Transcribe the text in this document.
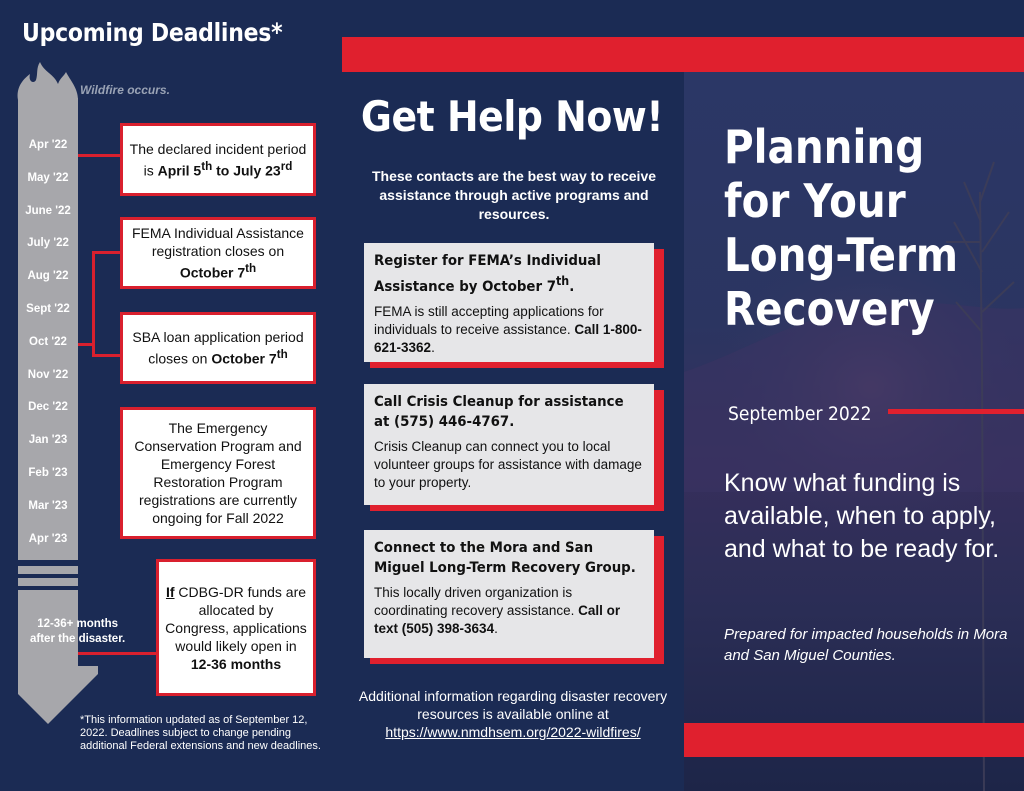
Upcoming Deadlines*
Wildfire occurs.
Apr '22
May '22
June '22
July '22
Aug '22
Sept '22
Oct '22
Nov '22
Dec '22
Jan '23
Feb '23
Mar '23
Apr '23
12-36+ months
after the disaster.
The declared incident period is April 5th to July 23rd
FEMA Individual Assistance registration closes on October 7th
SBA loan application period closes on October 7th
The Emergency Conservation Program and Emergency Forest Restoration Program registrations are currently ongoing for Fall 2022
If CDBG-DR funds are allocated by Congress, applications would likely open in 12-36 months
*This information updated as of September 12, 2022. Deadlines subject to change pending additional Federal extensions and new deadlines.
Get Help Now!
These contacts are the best way to receive assistance through active programs and resources.
Register for FEMA’s Individual Assistance by October 7th.
FEMA is still accepting applications for individuals to receive assistance. Call 1-800-621-3362.
Call Crisis Cleanup for assistance at (575) 446-4767.
Crisis Cleanup can connect you to local volunteer groups for assistance with damage to your property.
Connect to the Mora and San Miguel Long-Term Recovery Group.
This locally driven organization is coordinating recovery assistance. Call or text (505) 398-3634.
Additional information regarding disaster recovery resources is available online at
https://www.nmdhsem.org/2022-wildfires/
Planning
for Your
Long-Term
Recovery
September 2022
Know what funding is available, when to apply, and what to be ready for.
Prepared for impacted households in Mora and San Miguel Counties.
